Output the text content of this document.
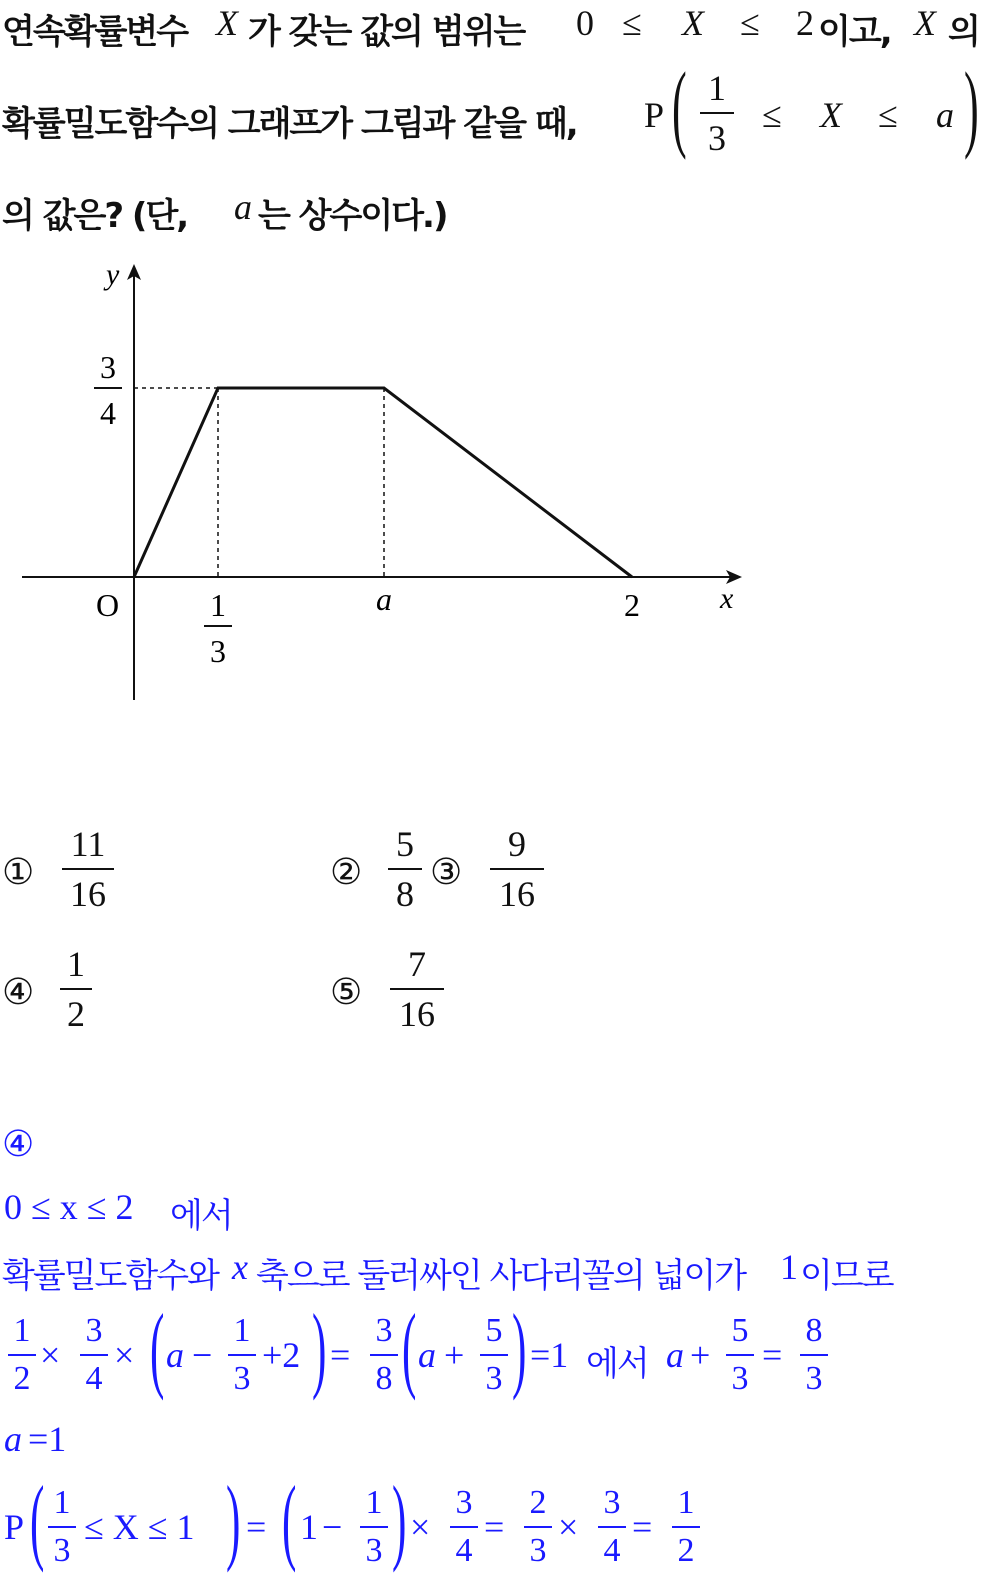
연속확률변수 X 가 갖는 값의 범위는 0 ≤ X ≤ 2 이고, X 의
확률밀도함수의 그래프가 그림과 같을 때, P ( 1
3
≤ X ≤ a )
의 값은? (단, a 는 상수이다.)
y
x
O
3
4
1
3
a	2
①
11
16
②
5
8
③
9
16
④
1
2
⑤
7
16
④
0 ≤ x ≤ 2 에서
확률밀도함수와 x 축으로 둘러싸인 사다리꼴의 넓이가 1 이므로
1
2
×
3
4
× ( a −
1
3
+2 ) =
3
8 ( a +
5
3 ) =1 에서 a +
5
3
=
8
3
a =1
P ( 1
3
≤ X ≤ 1 ) = ( 1 −
1
3 ) ×
3
4
=
2
3
×
3
4
=
1
2
